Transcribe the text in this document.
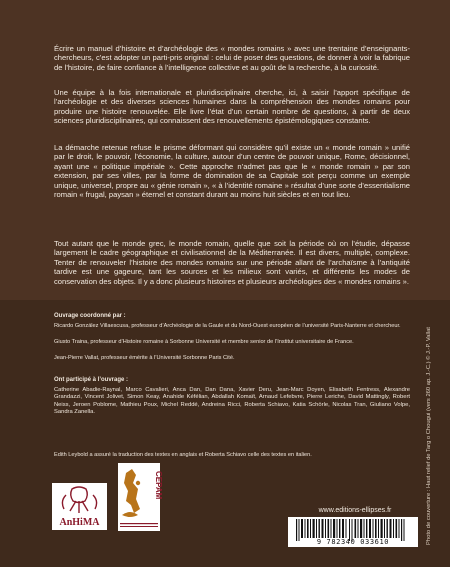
Écrire un manuel d’histoire et d’archéologie des « mondes romains » avec une trentaine d’enseignants-chercheurs, c’est adopter un parti-pris original : celui de poser des questions, de donner à voir la fabrique de l’histoire, de faire confiance à l’intelligence collective et au goût de la recherche, à la curiosité.

Une équipe à la fois internationale et pluridisciplinaire cherche, ici, à saisir l’apport spécifique de l’archéologie et des diverses sciences humaines dans la compréhension des mondes romains pour produire une histoire renouvelée. Elle livre l’état d’un certain nombre de questions, à partir de deux sciences pluridisciplinaires, qui connaissent des renouvellements épistémologiques constants.

La démarche retenue refuse le prisme déformant qui considère qu’il existe un « monde romain » unifié par le droit, le pouvoir, l’économie, la culture, autour d’un centre de pouvoir unique, Rome, décisionnel, ayant une « politique impériale ». Cette approche n’admet pas que le « monde romain » par son extension, par ses villes, par la forme de domination de sa Capitale soit perçu comme un exemple unique, universel, propre au « génie romain », « à l’identité romaine » résultat d’une sorte d’essentialisme romain « frugal, paysan » éternel et constant durant au moins huit siècles et en tout lieu.

Tout autant que le monde grec, le monde romain, quelle que soit la période où on l’étudie, dépasse largement le cadre géographique et civilisationnel de la Méditerranée. Il est divers, multiple, complexe. Tenter de renouveler l’histoire des mondes romains sur une période allant de l’archaïsme à l’antiquité tardive est une gageure, tant les sources et les milieux sont variés, et différents les modes de conservation des objets. Il y a donc plusieurs histoires et plusieurs archéologies des « mondes romains ».

Ouvrage coordonné par :

Ricardo González Villaescusa, professeur d’Archéologie de la Gaule et du Nord-Ouest européen de l’université Paris-Nanterre et chercheur.

Giusto Traina, professeur d’Histoire romaine à Sorbonne Université et membre senior de l’Institut universitaire de France.

Jean-Pierre Vallat, professeur émérite à l’Université Sorbonne Paris Cité.

Ont participé à l’ouvrage :

Catherine Abadie-Raynal, Marco Cavalieri, Anca Dan, Dan Dana, Xavier Deru, Jean-Marc Doyen, Elisabeth Fentress, Alexandre Grandazzi, Vincent Jolivet, Simon Keay, Anahide Kéfélian, Abdallah Komaït, Arnaud Lefebvre, Pierre Leriche, David Mattingly, Robert Neiss, Jeroen Poblome, Mathieu Poux, Michel Reddé, Andreina Ricci, Roberta Schiavo, Katia Schörle, Nicolas Tran, Giuliano Volpe, Sandra Zanella.

Edith Leybold a assuré la traduction des textes en anglais et Roberta Schiavo celle des textes en italien.

AnHiMA
CEPAM
www.editions-ellipses.fr
9 782340 033610	Photo de couverture : Haut relief de Targ o Chougui (vers 260 ap. J.-C.) © J.-P. Vallat
